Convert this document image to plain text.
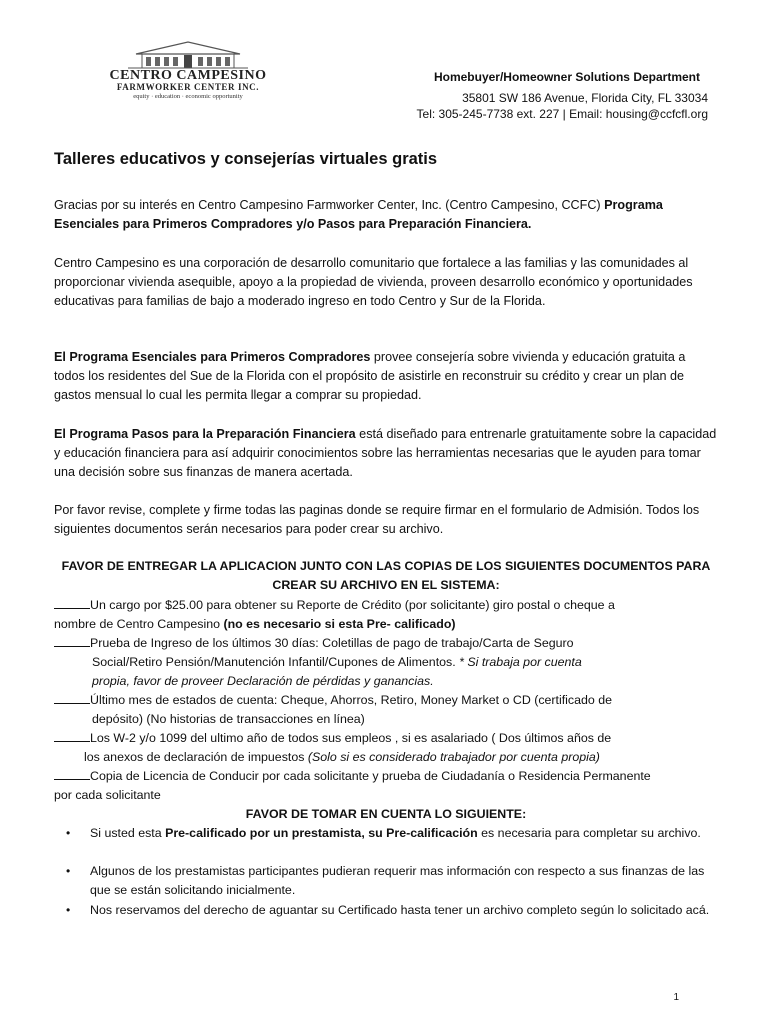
CENTRO CAMPESINO
FARMWORKER CENTER INC.
equity · education · economic opportunity
Homebuyer/Homeowner Solutions Department
35801 SW 186 Avenue, Florida City, FL 33034
Tel: 305-245-7738 ext. 227 | Email: housing@ccfcfl.org
Talleres educativos y consejerías virtuales gratis
Gracias por su interés en Centro Campesino Farmworker Center, Inc. (Centro Campesino, CCFC) Programa Esenciales para Primeros Compradores y/o Pasos para Preparación Financiera.
Centro Campesino es una corporación de desarrollo comunitario que fortalece a las familias y las comunidades al proporcionar vivienda asequible, apoyo a la propiedad de vivienda, proveen desarrollo económico y oportunidades educativas para familias de bajo a moderado ingreso en todo Centro y Sur de la Florida.
El Programa Esenciales para Primeros Compradores provee consejería sobre vivienda y educación gratuita a todos los residentes del Sue de la Florida con el propósito de asistirle en reconstruir su crédito y crear un plan de gastos mensual lo cual les permita llegar a comprar su propiedad.
El Programa Pasos para la Preparación Financiera está diseñado para entrenarle gratuitamente sobre la capacidad y educación financiera para así adquirir conocimientos sobre las herramientas necesarias que le ayuden para tomar una decisión sobre sus finanzas de manera acertada.
Por favor revise, complete y firme todas las paginas donde se require firmar en el formulario de Admisión. Todos los siguientes documentos serán necesarios para poder crear su archivo.
FAVOR DE ENTREGAR LA APLICACION JUNTO CON LAS COPIAS DE LOS SIGUIENTES DOCUMENTOS PARA
CREAR SU ARCHIVO EN EL SISTEMA:
Un cargo por $25.00 para obtener su Reporte de Crédito (por solicitante) giro postal o cheque a
nombre de Centro Campesino (no es necesario si esta Pre- calificado)
Prueba de Ingreso de los últimos 30 días: Coletillas de pago de trabajo/Carta de Seguro
Social/Retiro Pensión/Manutención Infantil/Cupones de Alimentos. * Si trabaja por cuenta
propia, favor de proveer Declaración de pérdidas y ganancias.
Último mes de estados de cuenta: Cheque, Ahorros, Retiro, Money Market o CD (certificado de
depósito) (No historias de transacciones en línea)
Los W-2 y/o 1099 del ultimo año de todos sus empleos , si es asalariado ( Dos últimos años de
los anexos de declaración de impuestos (Solo si es considerado trabajador por cuenta propia)
Copia de Licencia de Conducir por cada solicitante y prueba de Ciudadanía o Residencia Permanente
por cada solicitante
FAVOR DE TOMAR EN CUENTA LO SIGUIENTE:
•	Si usted esta Pre-calificado por un prestamista, su Pre-calificación es necesaria para completar su archivo.
•	Algunos de los prestamistas participantes pudieran requerir mas información con respecto a sus finanzas de las que se están solicitando inicialmente.
•	Nos reservamos del derecho de aguantar su Certificado hasta tener un archivo completo según lo solicitado acá.
1
